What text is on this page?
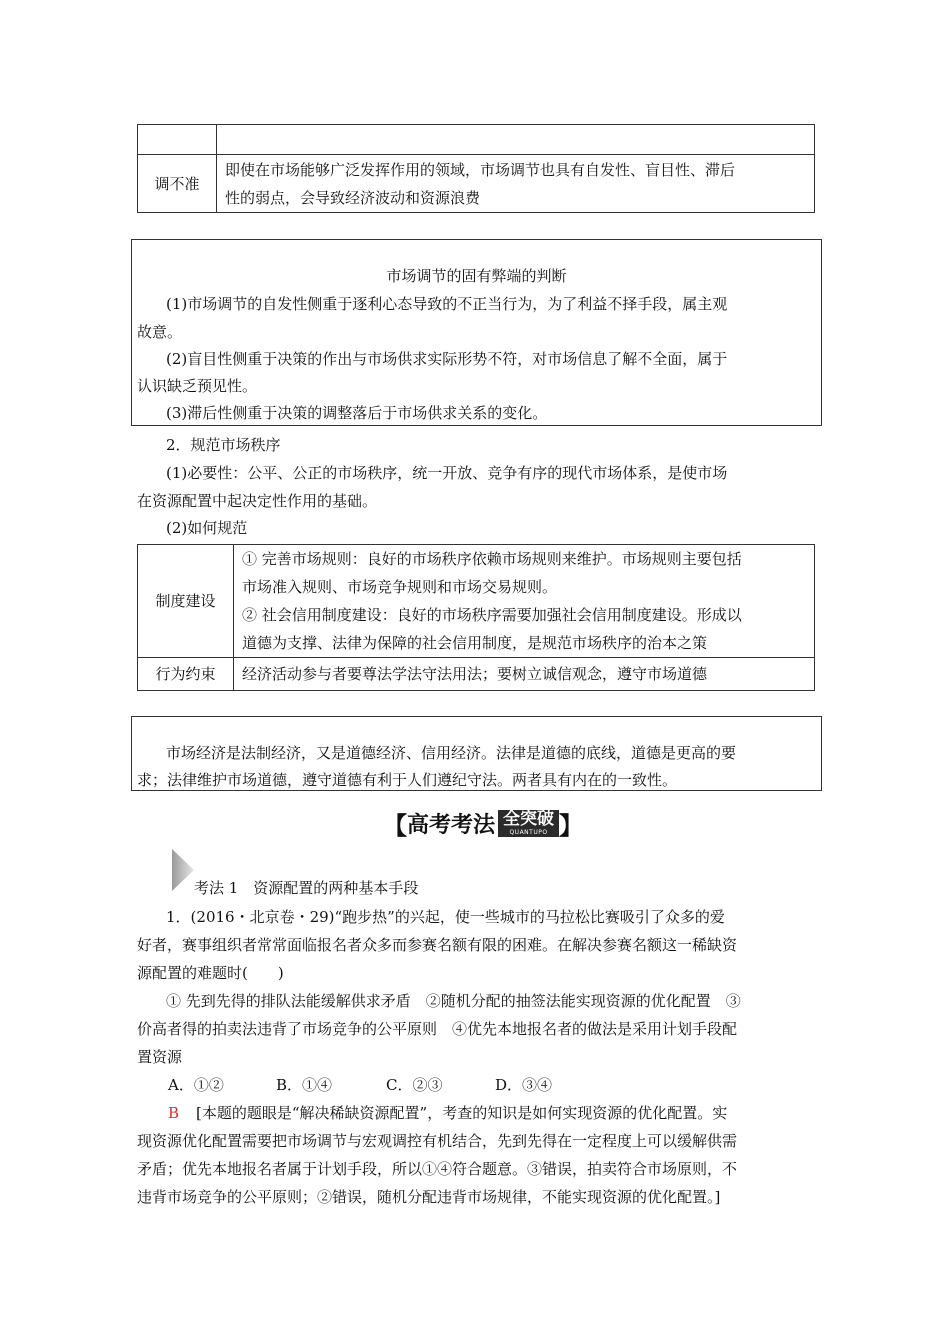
调不准	即使在市场能够广泛发挥作用的领域，市场调节也具有自发性、盲目性、滞后
性的弱点，会导致经济波动和资源浪费
市场调节的固有弊端的判断
(1)市场调节的自发性侧重于逐利心态导致的不正当行为，为了利益不择手段，属主观
故意。
(2)盲目性侧重于决策的作出与市场供求实际形势不符，对市场信息了解不全面，属于
认识缺乏预见性。
(3)滞后性侧重于决策的调整落后于市场供求关系的变化。
2．规范市场秩序
(1)必要性：公平、公正的市场秩序，统一开放、竞争有序的现代市场体系，是使市场
在资源配置中起决定性作用的基础。
(2)如何规范
制度建设	① 完善市场规则：良好的市场秩序依赖市场规则来维护。市场规则主要包括
市场准入规则、市场竞争规则和市场交易规则。
② 社会信用制度建设：良好的市场秩序需要加强社会信用制度建设。形成以
道德为支撑、法律为保障的社会信用制度，是规范市场秩序的治本之策

行为约束	经济活动参与者要尊法学法守法用法；要树立诚信观念，遵守市场道德
市场经济是法制经济，又是道德经济、信用经济。法律是道德的底线，道德是更高的要
求；法律维护市场道德，遵守道德有利于人们遵纪守法。两者具有内在的一致性。
【 高考考法 全突破
QUANTUPO 】
考法 1　资源配置的两种基本手段
1．(2016・北京卷・29)“跑步热”的兴起，使一些城市的马拉松比赛吸引了众多的爱
好者，赛事组织者常常面临报名者众多而参赛名额有限的困难。在解决参赛名额这一稀缺资
源配置的难题时(　　)
① 先到先得的排队法能缓解供求矛盾　②随机分配的抽签法能实现资源的优化配置　③
价高者得的拍卖法违背了市场竞争的公平原则　④优先本地报名者的做法是采用计划手段配
置资源
A．①②	B．①④	C．②③	D．③④
B [本题的题眼是“解决稀缺资源配置”，考查的知识是如何实现资源的优化配置。实
现资源优化配置需要把市场调节与宏观调控有机结合，先到先得在一定程度上可以缓解供需
矛盾；优先本地报名者属于计划手段，所以①④符合题意。③错误，拍卖符合市场原则，不
违背市场竞争的公平原则；②错误，随机分配违背市场规律，不能实现资源的优化配置。]
